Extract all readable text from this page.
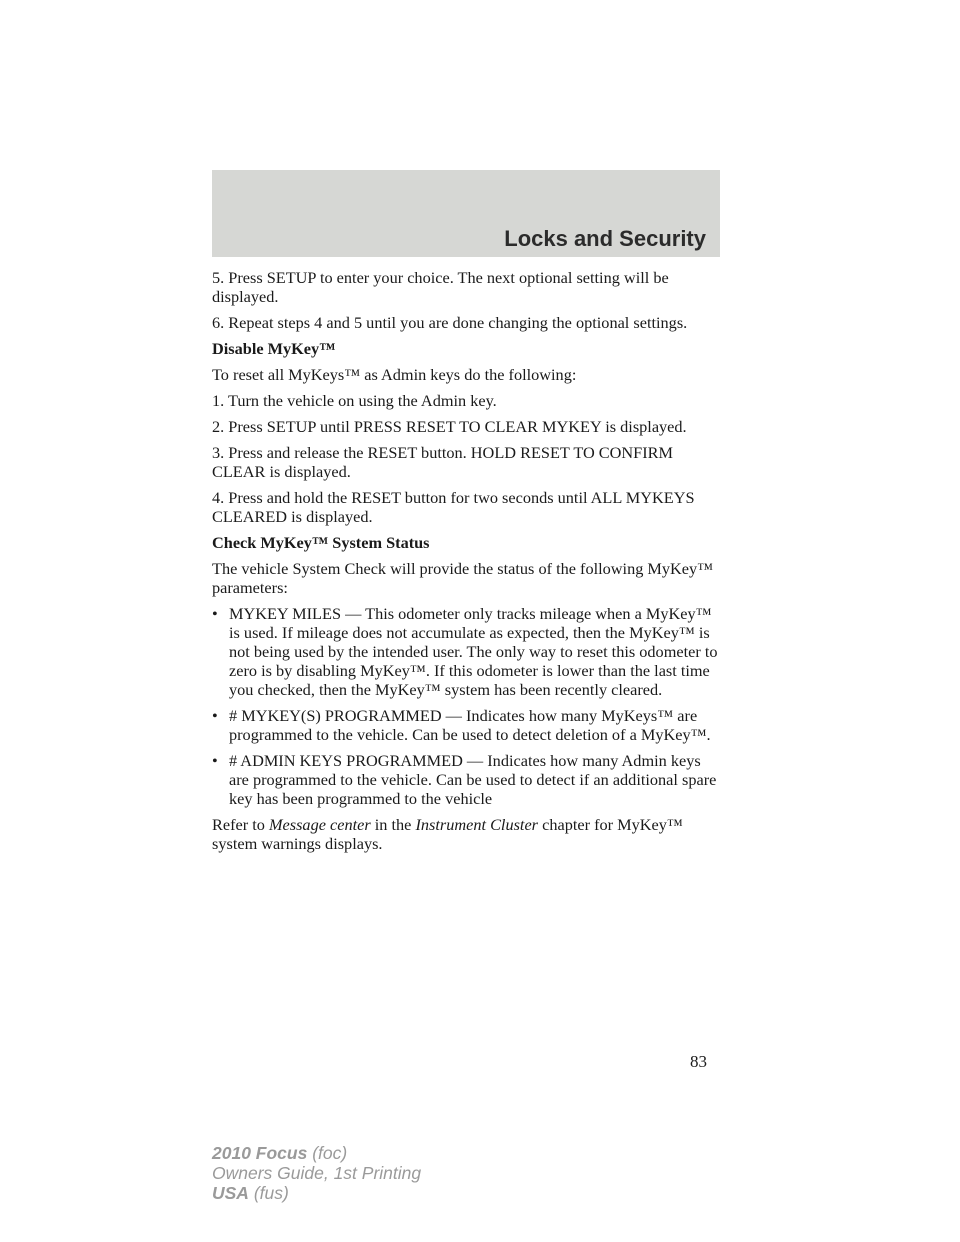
Locks and Security

5. Press SETUP to enter your choice. The next optional setting will be displayed.

6. Repeat steps 4 and 5 until you are done changing the optional settings.

Disable MyKey™

To reset all MyKeys™ as Admin keys do the following:

1. Turn the vehicle on using the Admin key.

2. Press SETUP until PRESS RESET TO CLEAR MYKEY is displayed.

3. Press and release the RESET button. HOLD RESET TO CONFIRM CLEAR is displayed.

4. Press and hold the RESET button for two seconds until ALL MYKEYS CLEARED is displayed.

Check MyKey™ System Status

The vehicle System Check will provide the status of the following MyKey™ parameters:

• MYKEY MILES — This odometer only tracks mileage when a MyKey™ is used. If mileage does not accumulate as expected, then the MyKey™ is not being used by the intended user. The only way to reset this odometer to zero is by disabling MyKey™. If this odometer is lower than the last time you checked, then the MyKey™ system has been recently cleared.
• # MYKEY(S) PROGRAMMED — Indicates how many MyKeys™ are programmed to the vehicle. Can be used to detect deletion of a MyKey™.
• # ADMIN KEYS PROGRAMMED — Indicates how many Admin keys are programmed to the vehicle. Can be used to detect if an additional spare key has been programmed to the vehicle

Refer to Message center in the Instrument Cluster chapter for MyKey™ system warnings displays.

83
2010 Focus (foc)
Owners Guide, 1st Printing
USA (fus)
